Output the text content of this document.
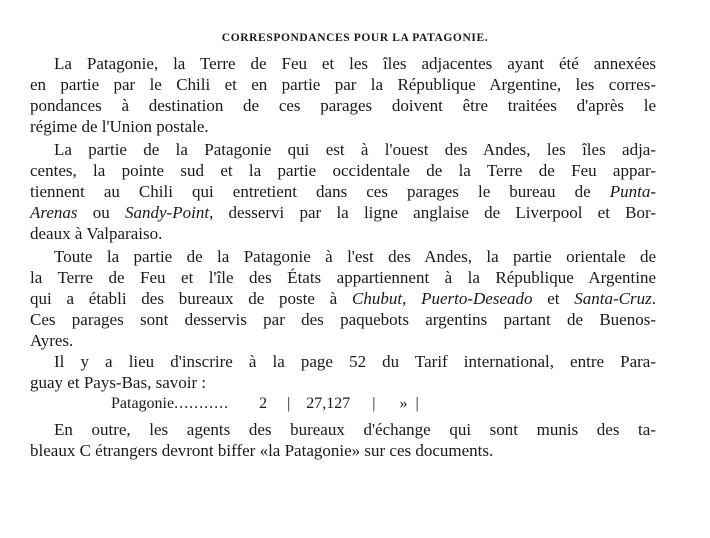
CORRESPONDANCES POUR LA PATAGONIE.
La Patagonie, la Terre de Feu et les îles adjacentes ayant été annexées
en partie par le Chili et en partie par la République Argentine, les corres-
pondances à destination de ces parages doivent être traitées d'après le
régime de l'Union postale.
La partie de la Patagonie qui est à l'ouest des Andes, les îles adja-
centes, la pointe sud et la partie occidentale de la Terre de Feu appar-
tiennent au Chili qui entretient dans ces parages le bureau de Punta-
Arenas ou Sandy-Point, desservi par la ligne anglaise de Liverpool et Bor-
deaux à Valparaiso.
Toute la partie de la Patagonie à l'est des Andes, la partie orientale de
la Terre de Feu et l'île des États appartiennent à la République Argentine
qui a établi des bureaux de poste à Chubut, Puerto-Deseado et Santa-Cruz.
Ces parages sont desservis par des paquebots argentins partant de Buenos-
Ayres.
Il y a lieu d'inscrire à la page 52 du Tarif international, entre Para-
guay et Pays-Bas, savoir :
Patagonie........... 2 | 27,127 | » |
En outre, les agents des bureaux d'échange qui sont munis des ta-
bleaux C étrangers devront biffer «la Patagonie» sur ces documents.
